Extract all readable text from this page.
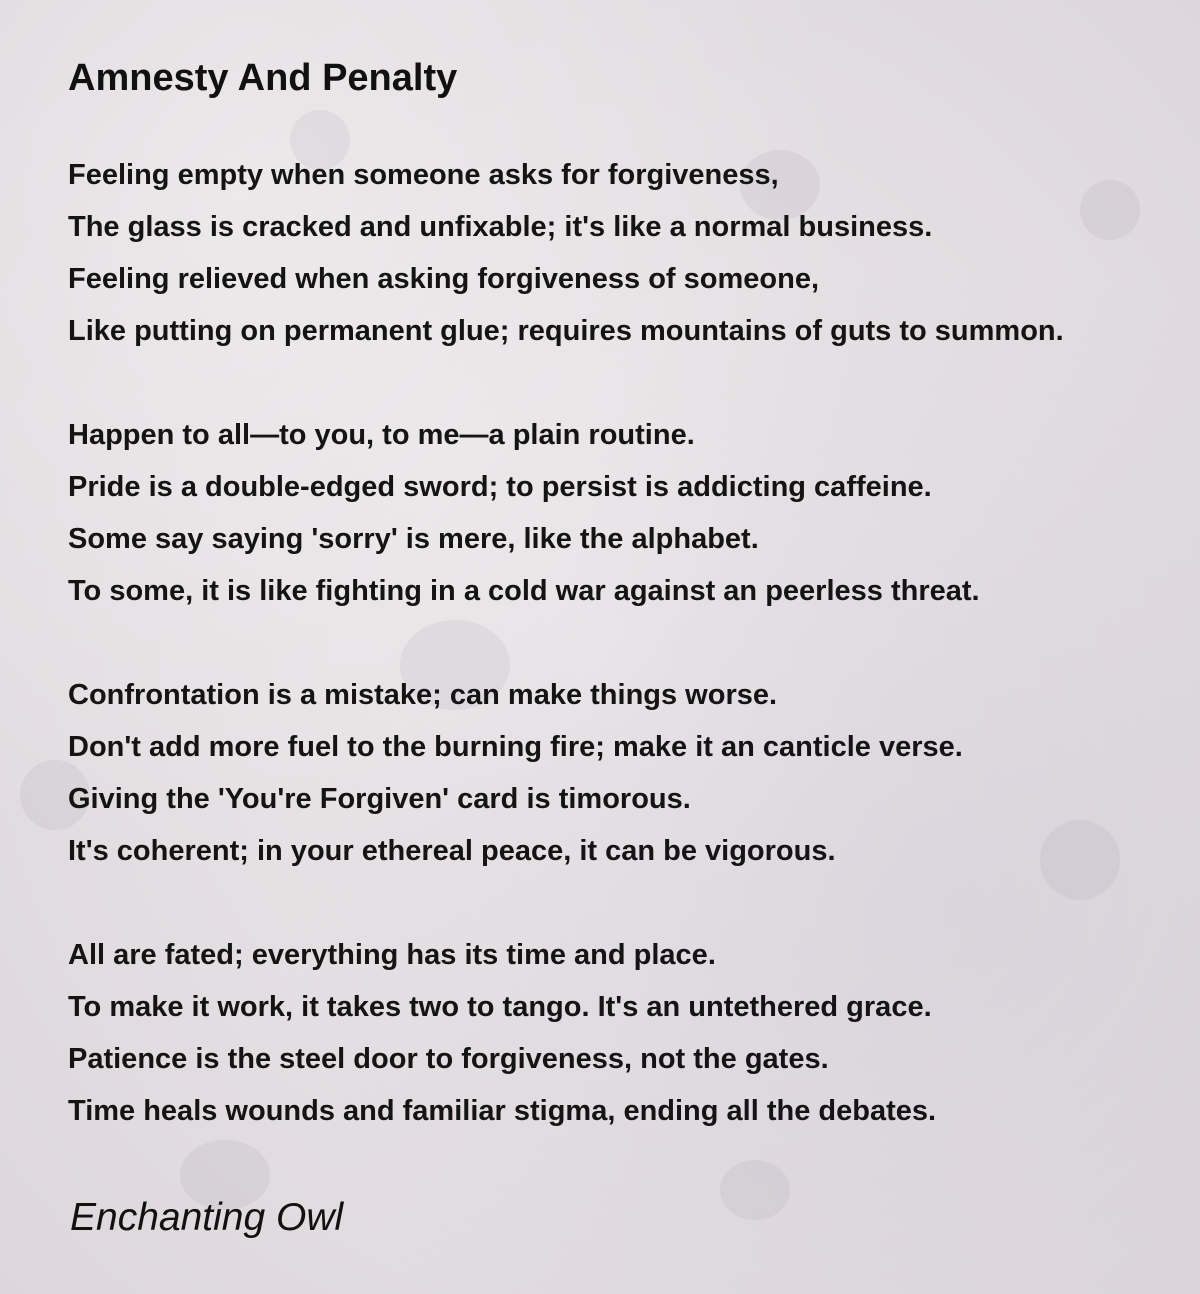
Amnesty And Penalty
Feeling empty when someone asks for forgiveness,
The glass is cracked and unfixable; it's like a normal business.
Feeling relieved when asking forgiveness of someone,
Like putting on permanent glue; requires mountains of guts to summon.
Happen to all—to you, to me—a plain routine.
Pride is a double-edged sword; to persist is addicting caffeine.
Some say saying 'sorry' is mere, like the alphabet.
To some, it is like fighting in a cold war against an peerless threat.
Confrontation is a mistake; can make things worse.
Don't add more fuel to the burning fire; make it an canticle verse.
Giving the 'You're Forgiven' card is timorous.
It's coherent; in your ethereal peace, it can be vigorous.
All are fated; everything has its time and place.
To make it work, it takes two to tango. It's an untethered grace.
Patience is the steel door to forgiveness, not the gates.
Time heals wounds and familiar stigma, ending all the debates.

Enchanting Owl
